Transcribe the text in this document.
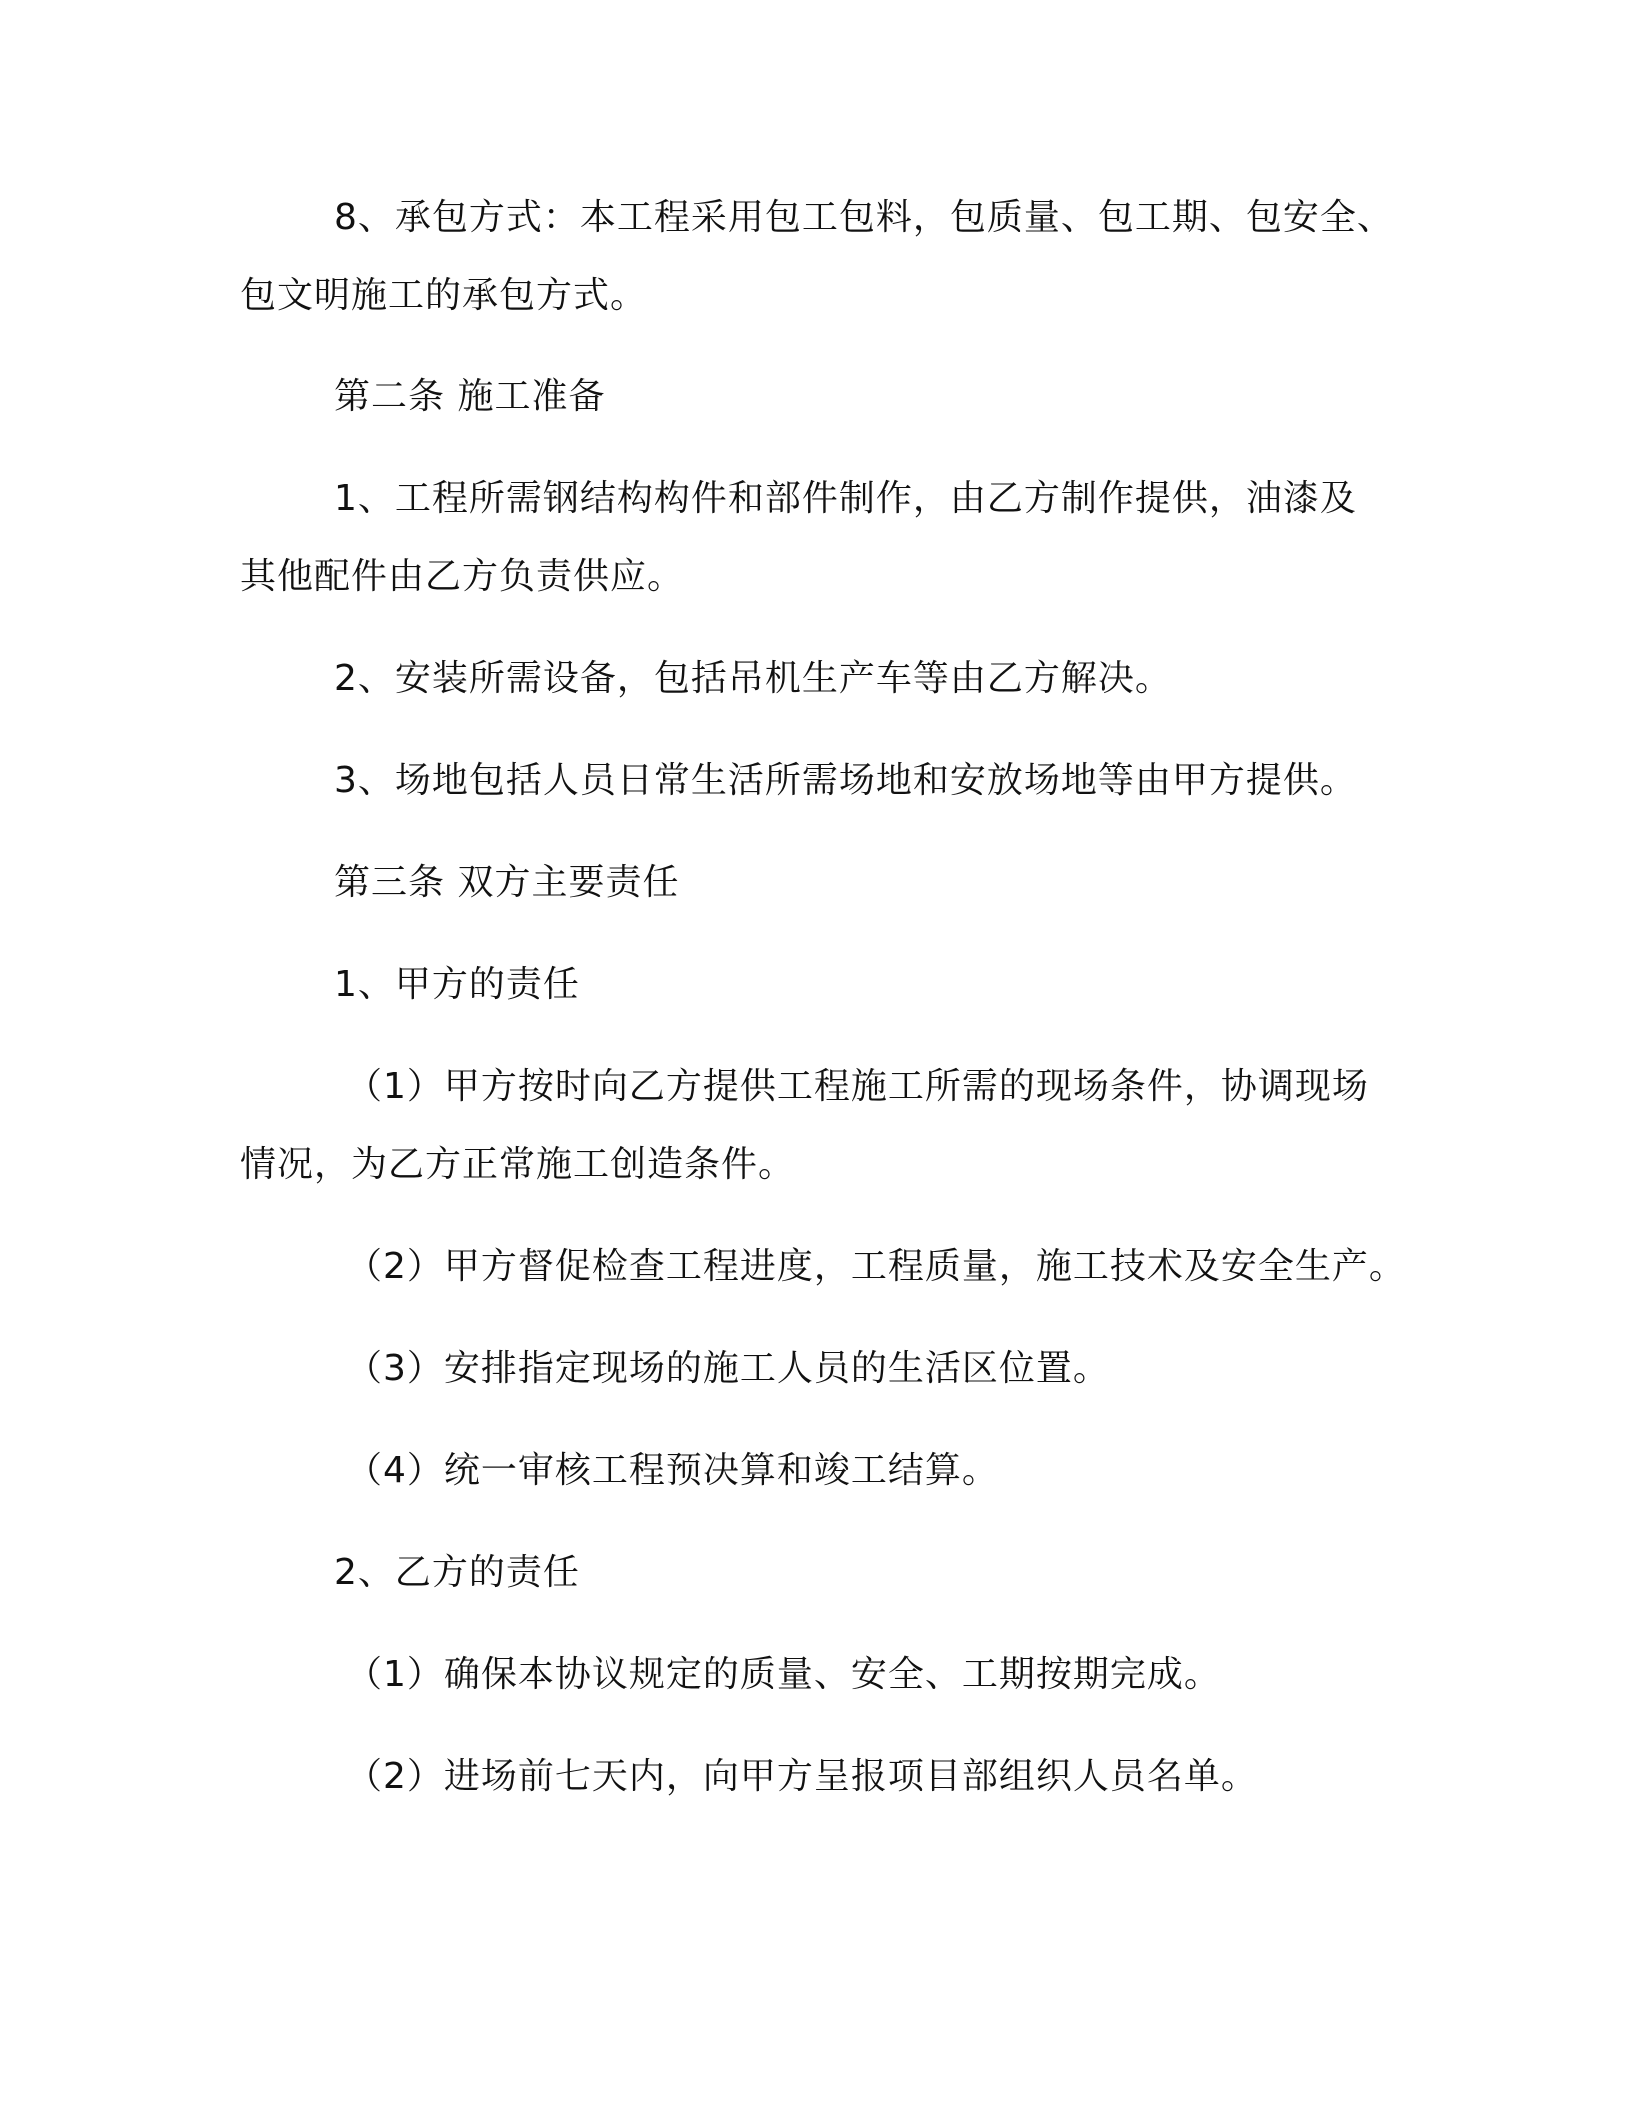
8、承包方式：本工程采用包工包料，包质量、包工期、包安全、
包文明施工的承包方式。
第二条 施工准备
1、工程所需钢结构构件和部件制作，由乙方制作提供，油漆及
其他配件由乙方负责供应。
2、安装所需设备，包括吊机生产车等由乙方解决。
3、场地包括人员日常生活所需场地和安放场地等由甲方提供。
第三条 双方主要责任
1、甲方的责任
（1）甲方按时向乙方提供工程施工所需的现场条件，协调现场
情况，为乙方正常施工创造条件。
（2）甲方督促检查工程进度，工程质量，施工技术及安全生产。
（3）安排指定现场的施工人员的生活区位置。
（4）统一审核工程预决算和竣工结算。
2、乙方的责任
（1）确保本协议规定的质量、安全、工期按期完成。
（2）进场前七天内，向甲方呈报项目部组织人员名单。
